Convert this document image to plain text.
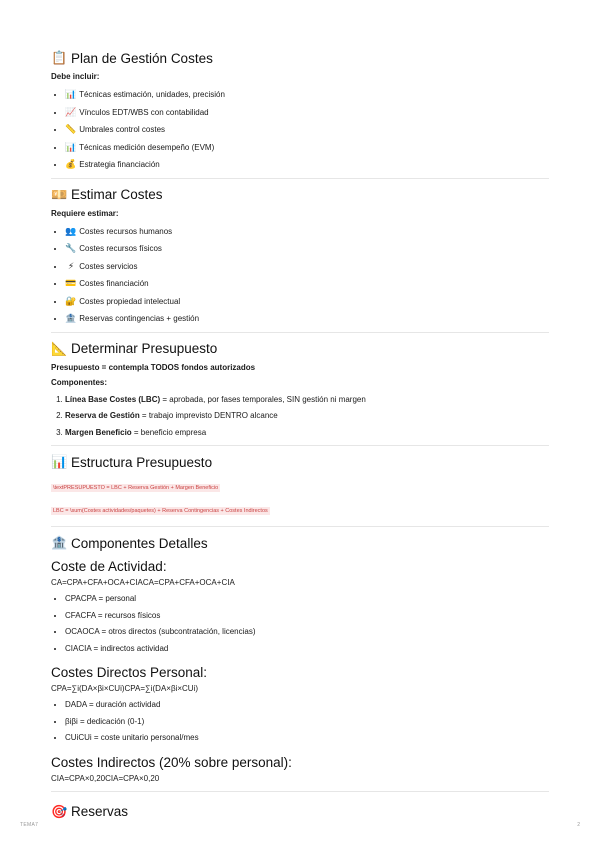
📋 Plan de Gestión Costes

Debe incluir:

• 📊 Técnicas estimación, unidades, precisión
• 📈 Vínculos EDT/WBS con contabilidad
• 📏 Umbrales control costes
• 📊 Técnicas medición desempeño (EVM)
• 💰 Estrategia financiación
💴 Estimar Costes

Requiere estimar:

• 👥 Costes recursos humanos
• 🔧 Costes recursos físicos
• ⚡ Costes servicios
• 💳 Costes financiación
• 🔐 Costes propiedad intelectual
• 🏦 Reservas contingencias + gestión
📐 Determinar Presupuesto

Presupuesto = contempla TODOS fondos autorizados

Componentes:

1. Línea Base Costes (LBC) = aprobada, por fases temporales, SIN gestión ni margen
2. Reserva de Gestión = trabajo imprevisto DENTRO alcance
3. Margen Beneficio = beneficio empresa
📊 Estructura Presupuesto
\textPRESUPUESTO = LBC + Reserva Gestión + Margen Beneficio
LBC = \sum(Costes actividades/paquetes) + Reserva Contingencias + Costes Indirectos
🏦 Componentes Detalles
Coste de Actividad:
CA=CPA+CFA+OCA+CIACA=CPA+CFA+OCA+CIA
• CPACPA = personal
• CFACFA = recursos físicos
• OCAOCA = otros directos (subcontratación, licencias)
• CIACIA = indirectos actividad
Costes Directos Personal:
CPA=∑i(DA×βi×CUi)CPA=∑i(DA×βi×CUi)
• DADA = duración actividad
• βiβi = dedicación (0-1)
• CUiCUi = coste unitario personal/mes
Costes Indirectos (20% sobre personal):
CIA=CPA×0,20CIA=CPA×0,20
🎯 Reservas
TEMA7	2
